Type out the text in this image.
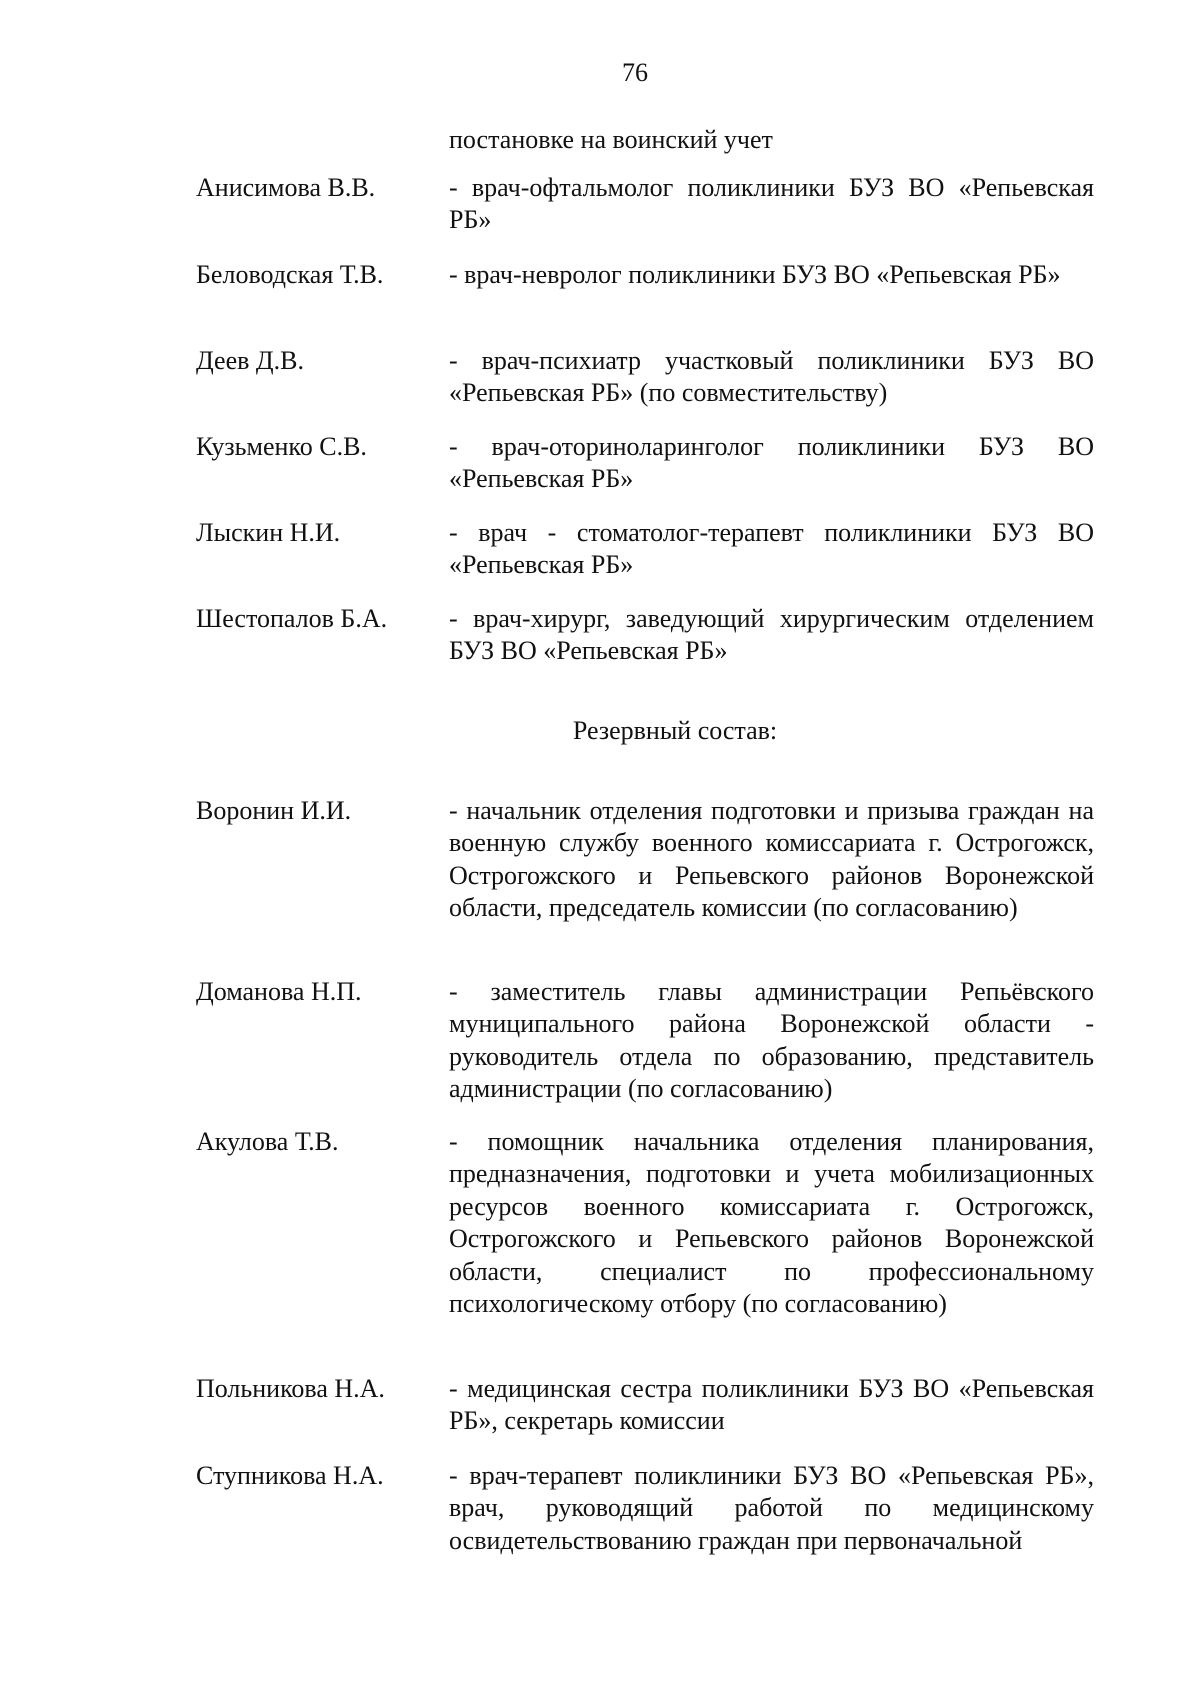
76
постановке на воинский учет
Анисимова В.В.	- врач-офтальмолог поликлиники БУЗ ВО «Репьевская РБ»
Беловодская Т.В.	- врач-невролог поликлиники БУЗ ВО «Репьевская РБ»
Деев Д.В.	- врач-психиатр участковый поликлиники БУЗ ВО «Репьевская РБ» (по совместительству)
Кузьменко С.В.	- врач-оториноларинголог поликлиники БУЗ ВО «Репьевская РБ»
Лыскин Н.И.	- врач - стоматолог-терапевт поликлиники БУЗ ВО «Репьевская РБ»
Шестопалов Б.А.	- врач-хирург, заведующий хирургическим отделением БУЗ ВО «Репьевская РБ»
Резервный состав:
Воронин И.И.	- начальник отделения подготовки и призыва граждан на военную службу военного комиссариата г. Острогожск, Острогожского и Репьевского районов Воронежской области, председатель комиссии (по согласованию)
Доманова Н.П.	- заместитель главы администрации Репьёвского муниципального района Воронежской области - руководитель отдела по образованию, представитель администрации (по согласованию)
Акулова Т.В.	- помощник начальника отделения планирования, предназначения, подготовки и учета мобилизационных ресурсов военного комиссариата г. Острогожск, Острогожского и Репьевского районов Воронежской области, специалист по профессиональному психологическому отбору (по согласованию)
Польникова Н.А.	- медицинская сестра поликлиники БУЗ ВО «Репьевская РБ», секретарь комиссии
Ступникова Н.А.	- врач-терапевт поликлиники БУЗ ВО «Репьевская РБ», врач, руководящий работой по медицинскому освидетельствованию граждан при первоначальной
